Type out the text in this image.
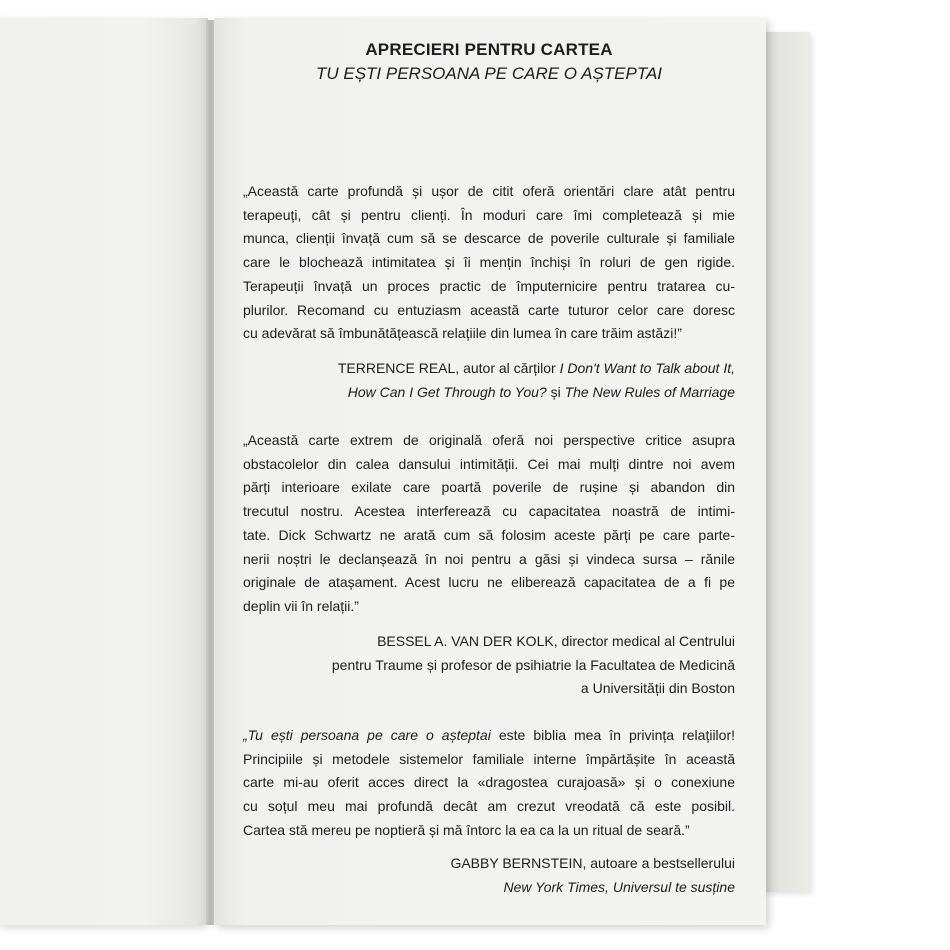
APRECIERI PENTRU CARTEA
TU EȘTI PERSOANA PE CARE O AȘTEPTAI
„Această carte profundă și ușor de citit oferă orientări clare atât pentru
terapeuți, cât și pentru clienți. În moduri care îmi completează și mie
munca, clienții învață cum să se descarce de poverile culturale și familiale
care le blochează intimitatea și îi mențin închiși în roluri de gen rigide.
Terapeuții învață un proces practic de împuternicire pentru tratarea cu-
plurilor. Recomand cu entuziasm această carte tuturor celor care doresc
cu adevărat să îmbunătățească relațiile din lumea în care trăim astăzi!”
TERRENCE REAL, autor al cărților I Don't Want to Talk about It,
How Can I Get Through to You? și The New Rules of Marriage
„Această carte extrem de originală oferă noi perspective critice asupra
obstacolelor din calea dansului intimității. Cei mai mulți dintre noi avem
părți interioare exilate care poartă poverile de rușine și abandon din
trecutul nostru. Acestea interferează cu capacitatea noastră de intimi-
tate. Dick Schwartz ne arată cum să folosim aceste părți pe care parte-
nerii noștri le declanșează în noi pentru a găsi și vindeca sursa – rănile
originale de atașament. Acest lucru ne eliberează capacitatea de a fi pe
deplin vii în relații.”
BESSEL A. VAN DER KOLK, director medical al Centrului
pentru Traume și profesor de psihiatrie la Facultatea de Medicină
a Universității din Boston
„Tu ești persoana pe care o așteptai este biblia mea în privința relațiilor!
Principiile și metodele sistemelor familiale interne împărtășite în această
carte mi-au oferit acces direct la «dragostea curajoasă» și o conexiune
cu soțul meu mai profundă decât am crezut vreodată că este posibil.
Cartea stă mereu pe noptieră și mă întorc la ea ca la un ritual de seară.”
GABBY BERNSTEIN, autoare a bestsellerului
New York Times, Universul te susține
